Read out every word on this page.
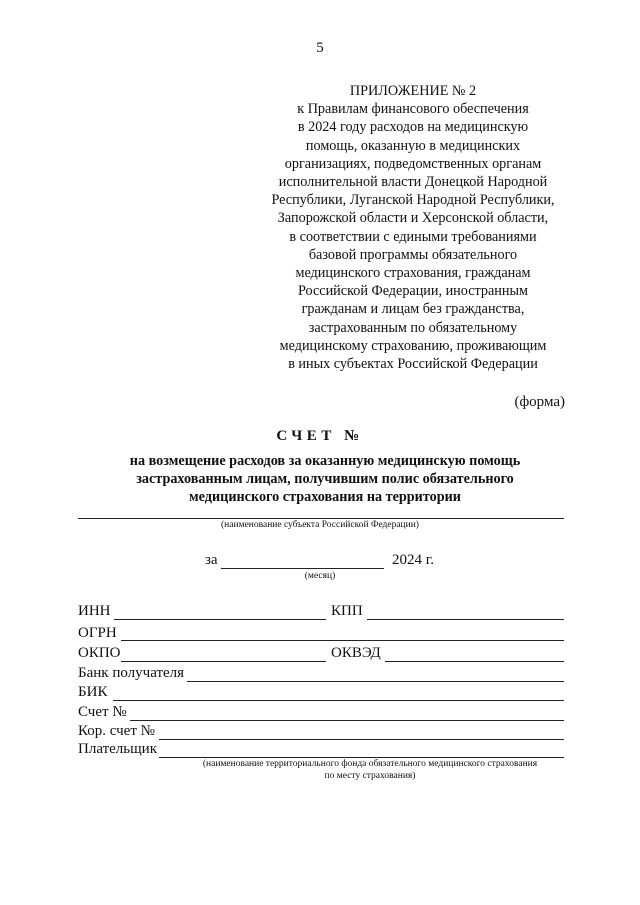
5
ПРИЛОЖЕНИЕ № 2
к Правилам финансового обеспечения
в 2024 году расходов на медицинскую
помощь, оказанную в медицинских
организациях, подведомственных органам
исполнительной власти Донецкой Народной
Республики, Луганской Народной Республики,
Запорожской области и Херсонской области,
в соответствии с едиными требованиями
базовой программы обязательного
медицинского страхования, гражданам
Российской Федерации, иностранным
гражданам и лицам без гражданства,
застрахованным по обязательному
медицинскому страхованию, проживающим
в иных субъектах Российской Федерации
(форма)
СЧЕТ №
на возмещение расходов за оказанную медицинскую помощь
застрахованным лицам, получившим полис обязательного
медицинского страхования на территории
(наименование субъекта Российской Федерации)
за	2024 г.
(месяц)
ИНН	КПП
ОГРН
ОКПО	ОКВЭД
Банк получателя
БИК
Счет №
Кор. счет №
Плательщик
(наименование территориального фонда обязательного медицинского страхования
по месту страхования)
